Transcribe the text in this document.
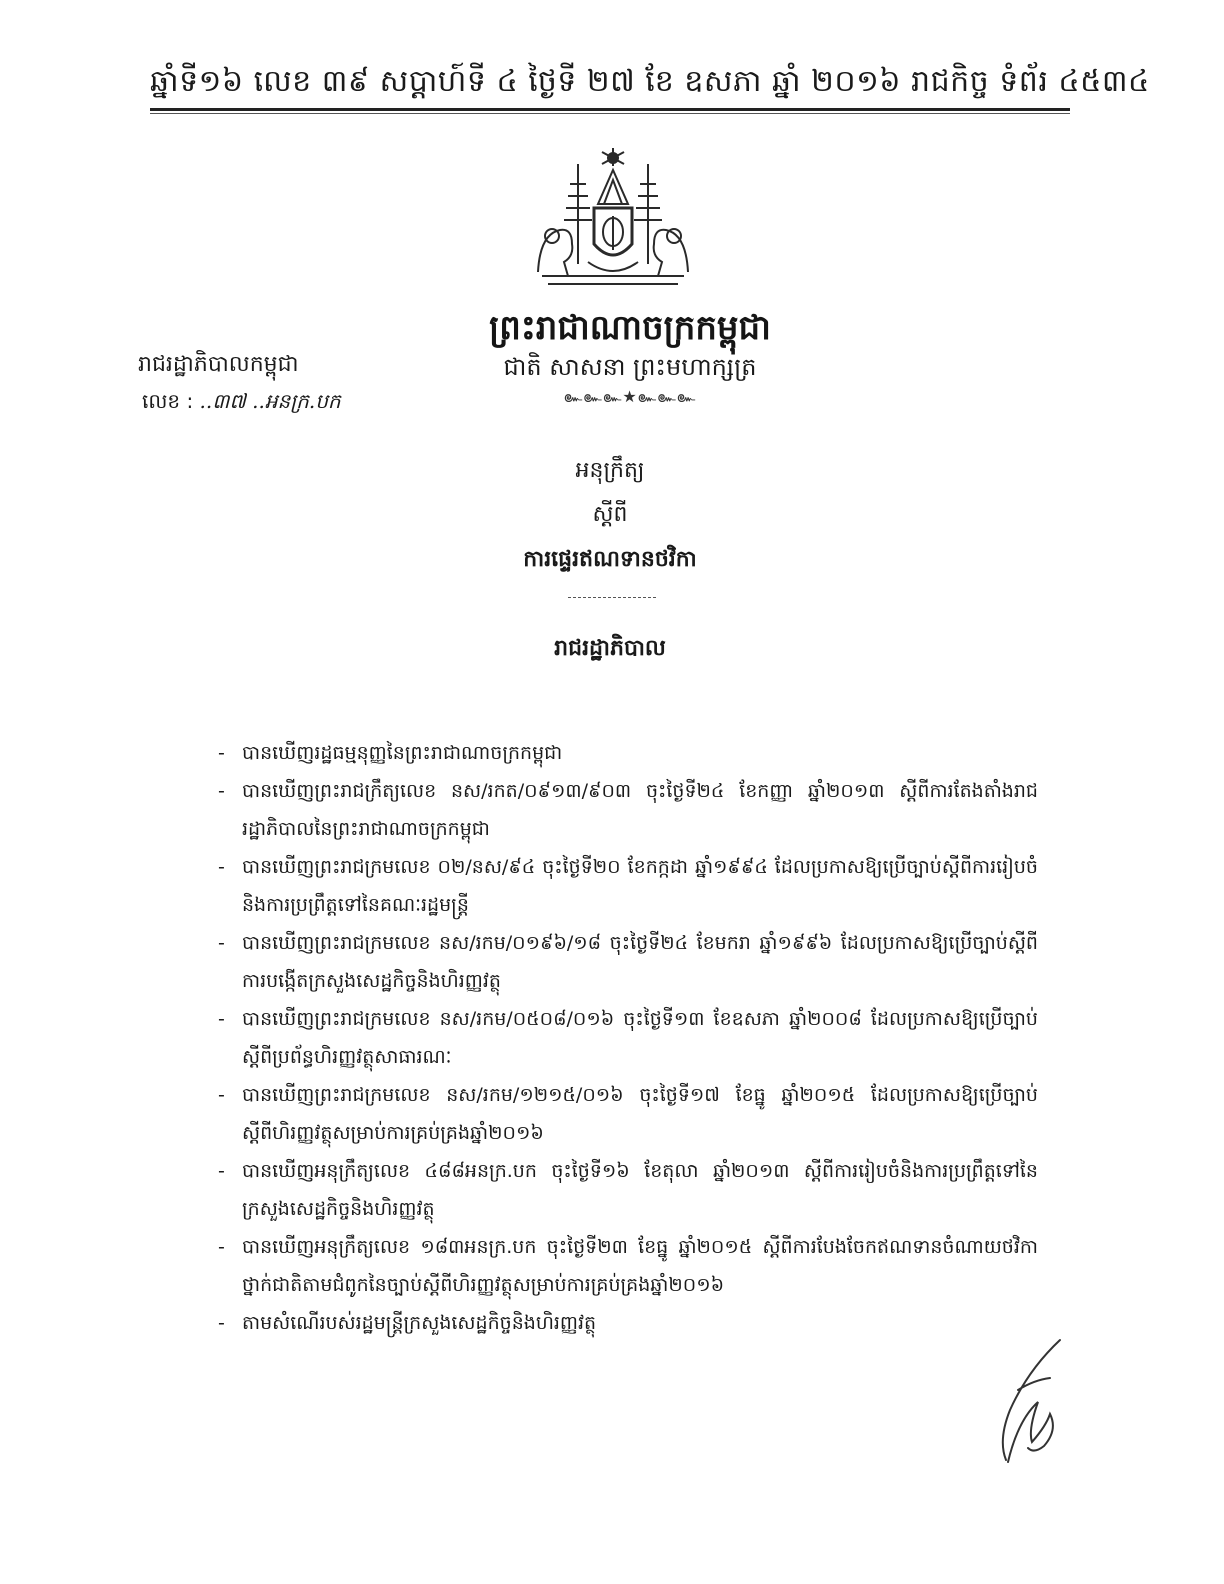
ឆ្នាំទី១៦ លេខ ៣៩ សប្តាហ៍ទី ៤ ថ្ងៃទី ២៧ ខែ ឧសភា ឆ្នាំ ២០១៦ រាជកិច្ច ទំព័រ ៤៥៣៤
ព្រះរាជាណាចក្រកម្ពុជា
ជាតិ សាសនា ព្រះមហាក្សត្រ
๛๛๛★๛๛๛
រាជរដ្ឋាភិបាលកម្ពុជា
លេខ : ..៣៧ ..អនក្រ.បក
អនុក្រឹត្យ
ស្តីពី
ការផ្ទេរឥណទានថវិកា
រាជរដ្ឋាភិបាល
- បានឃើញរដ្ឋធម្មនុញ្ញនៃព្រះរាជាណាចក្រកម្ពុជា
- បានឃើញព្រះរាជក្រឹត្យលេខ នស/រកត/០៩១៣/៩០៣ ចុះថ្ងៃទី២៤ ខែកញ្ញា ឆ្នាំ២០១៣ ស្តីពីការតែងតាំងរាជរដ្ឋាភិបាលនៃព្រះរាជាណាចក្រកម្ពុជា
- បានឃើញព្រះរាជក្រមលេខ ០២/នស/៩៤ ចុះថ្ងៃទី២០ ខែកក្កដា ឆ្នាំ១៩៩៤ ដែលប្រកាសឱ្យប្រើច្បាប់ស្តីពីការរៀបចំនិងការប្រព្រឹត្តទៅនៃគណៈរដ្ឋមន្ត្រី
- បានឃើញព្រះរាជក្រមលេខ នស/រកម/០១៩៦/១៨ ចុះថ្ងៃទី២៤ ខែមករា ឆ្នាំ១៩៩៦ ដែលប្រកាសឱ្យប្រើច្បាប់ស្តីពីការបង្កើតក្រសួងសេដ្ឋកិច្ចនិងហិរញ្ញវត្ថុ
- បានឃើញព្រះរាជក្រមលេខ នស/រកម/០៥០៨/០១៦ ចុះថ្ងៃទី១៣ ខែឧសភា ឆ្នាំ២០០៨ ដែលប្រកាសឱ្យប្រើច្បាប់ស្តីពីប្រព័ន្ធហិរញ្ញវត្ថុសាធារណៈ
- បានឃើញព្រះរាជក្រមលេខ នស/រកម/១២១៥/០១៦ ចុះថ្ងៃទី១៧ ខែធ្នូ ឆ្នាំ២០១៥ ដែលប្រកាសឱ្យប្រើច្បាប់ស្តីពីហិរញ្ញវត្ថុសម្រាប់ការគ្រប់គ្រងឆ្នាំ២០១៦
- បានឃើញអនុក្រឹត្យលេខ ៤៨៨អនក្រ.បក ចុះថ្ងៃទី១៦ ខែតុលា ឆ្នាំ២០១៣ ស្តីពីការរៀបចំនិងការប្រព្រឹត្តទៅនៃក្រសួងសេដ្ឋកិច្ចនិងហិរញ្ញវត្ថុ
- បានឃើញអនុក្រឹត្យលេខ ១៨៣អនក្រ.បក ចុះថ្ងៃទី២៣ ខែធ្នូ ឆ្នាំ២០១៥ ស្តីពីការបែងចែកឥណទានចំណាយថវិកាថ្នាក់ជាតិតាមជំពូកនៃច្បាប់ស្តីពីហិរញ្ញវត្ថុសម្រាប់ការគ្រប់គ្រងឆ្នាំ២០១៦
- តាមសំណើរបស់រដ្ឋមន្ត្រីក្រសួងសេដ្ឋកិច្ចនិងហិរញ្ញវត្ថុ
